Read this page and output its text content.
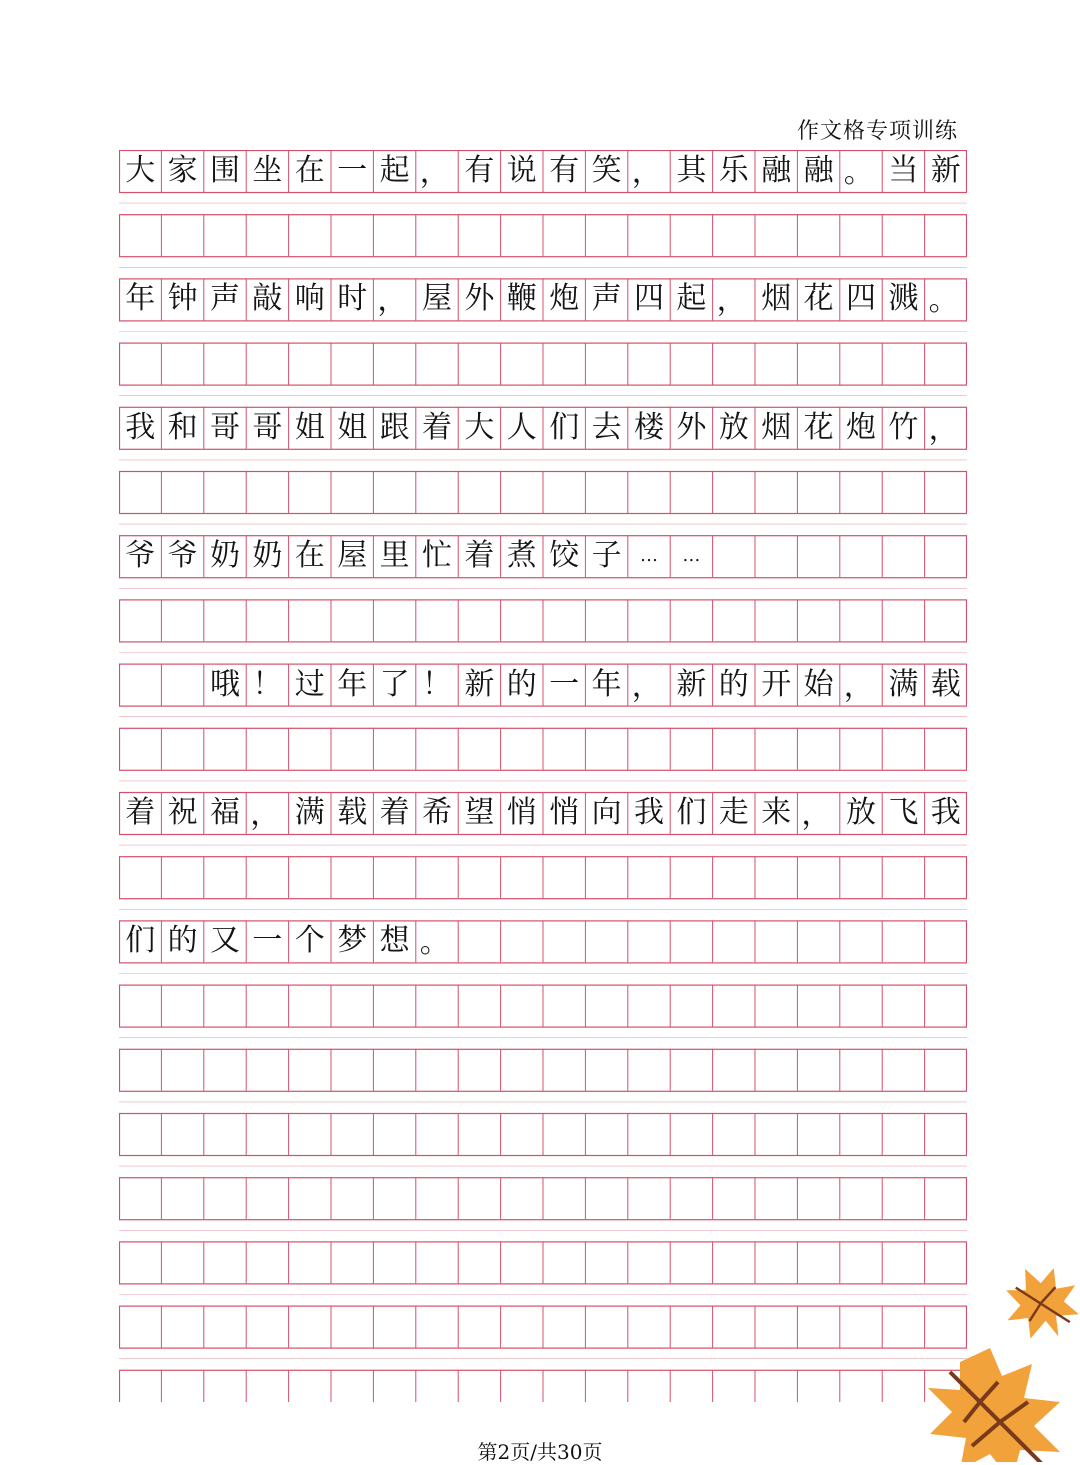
作文格专项训练
大 家 围 坐 在 一 起 ， 有 说 有 笑 ， 其 乐 融 融 。 当 新
年 钟 声 敲 响 时 ， 屋 外 鞭 炮 声 四 起 ， 烟 花 四 溅 。
我 和 哥 哥 姐 姐 跟 着 大 人 们 去 楼 外 放 烟 花 炮 竹 ，
爷 爷 奶 奶 在 屋 里 忙 着 煮 饺 子	…	…
哦 ！ 过 年 了 ！ 新 的 一 年 ， 新 的 开 始 ， 满 载
着 祝 福 ， 满 载 着 希 望 悄 悄 向 我 们 走 来 ， 放 飞 我
们 的 又 一 个 梦 想 。
第2页/共30页
